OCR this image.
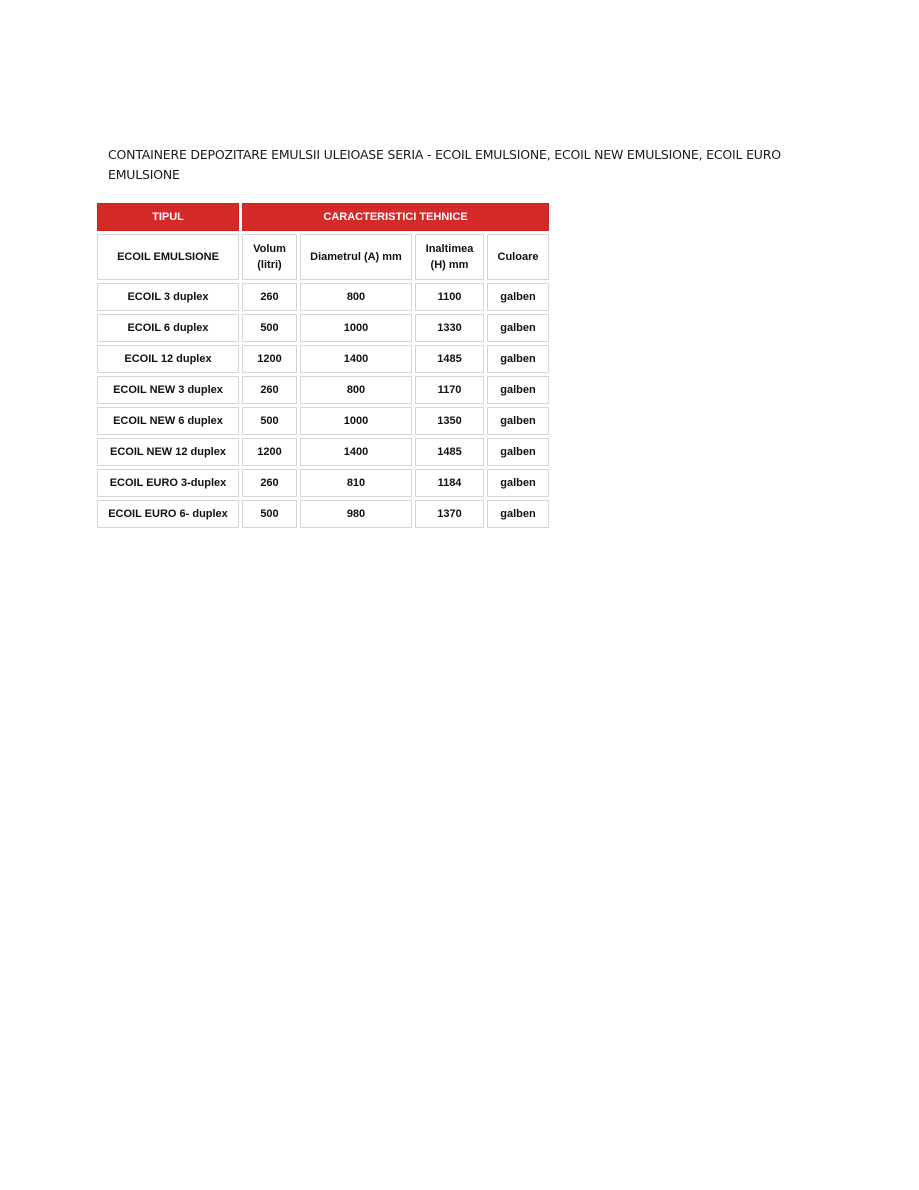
CONTAINERE DEPOZITARE EMULSII ULEIOASE SERIA - ECOIL EMULSIONE, ECOIL NEW EMULSIONE, ECOIL EURO EMULSIONE
TIPUL	CARACTERISTICI TEHNICE			
ECOIL EMULSIONE	Volum (litri)	Diametrul (A) mm	Inaltimea (H) mm	Culoare
ECOIL 3 duplex	260	800	1100	galben
ECOIL 6 duplex	500	1000	1330	galben
ECOIL 12 duplex	1200	1400	1485	galben
ECOIL NEW 3 duplex	260	800	1170	galben
ECOIL NEW 6 duplex	500	1000	1350	galben
ECOIL NEW 12 duplex	1200	1400	1485	galben
ECOIL EURO 3-duplex	260	810	1184	galben
ECOIL EURO 6- duplex	500	980	1370	galben
